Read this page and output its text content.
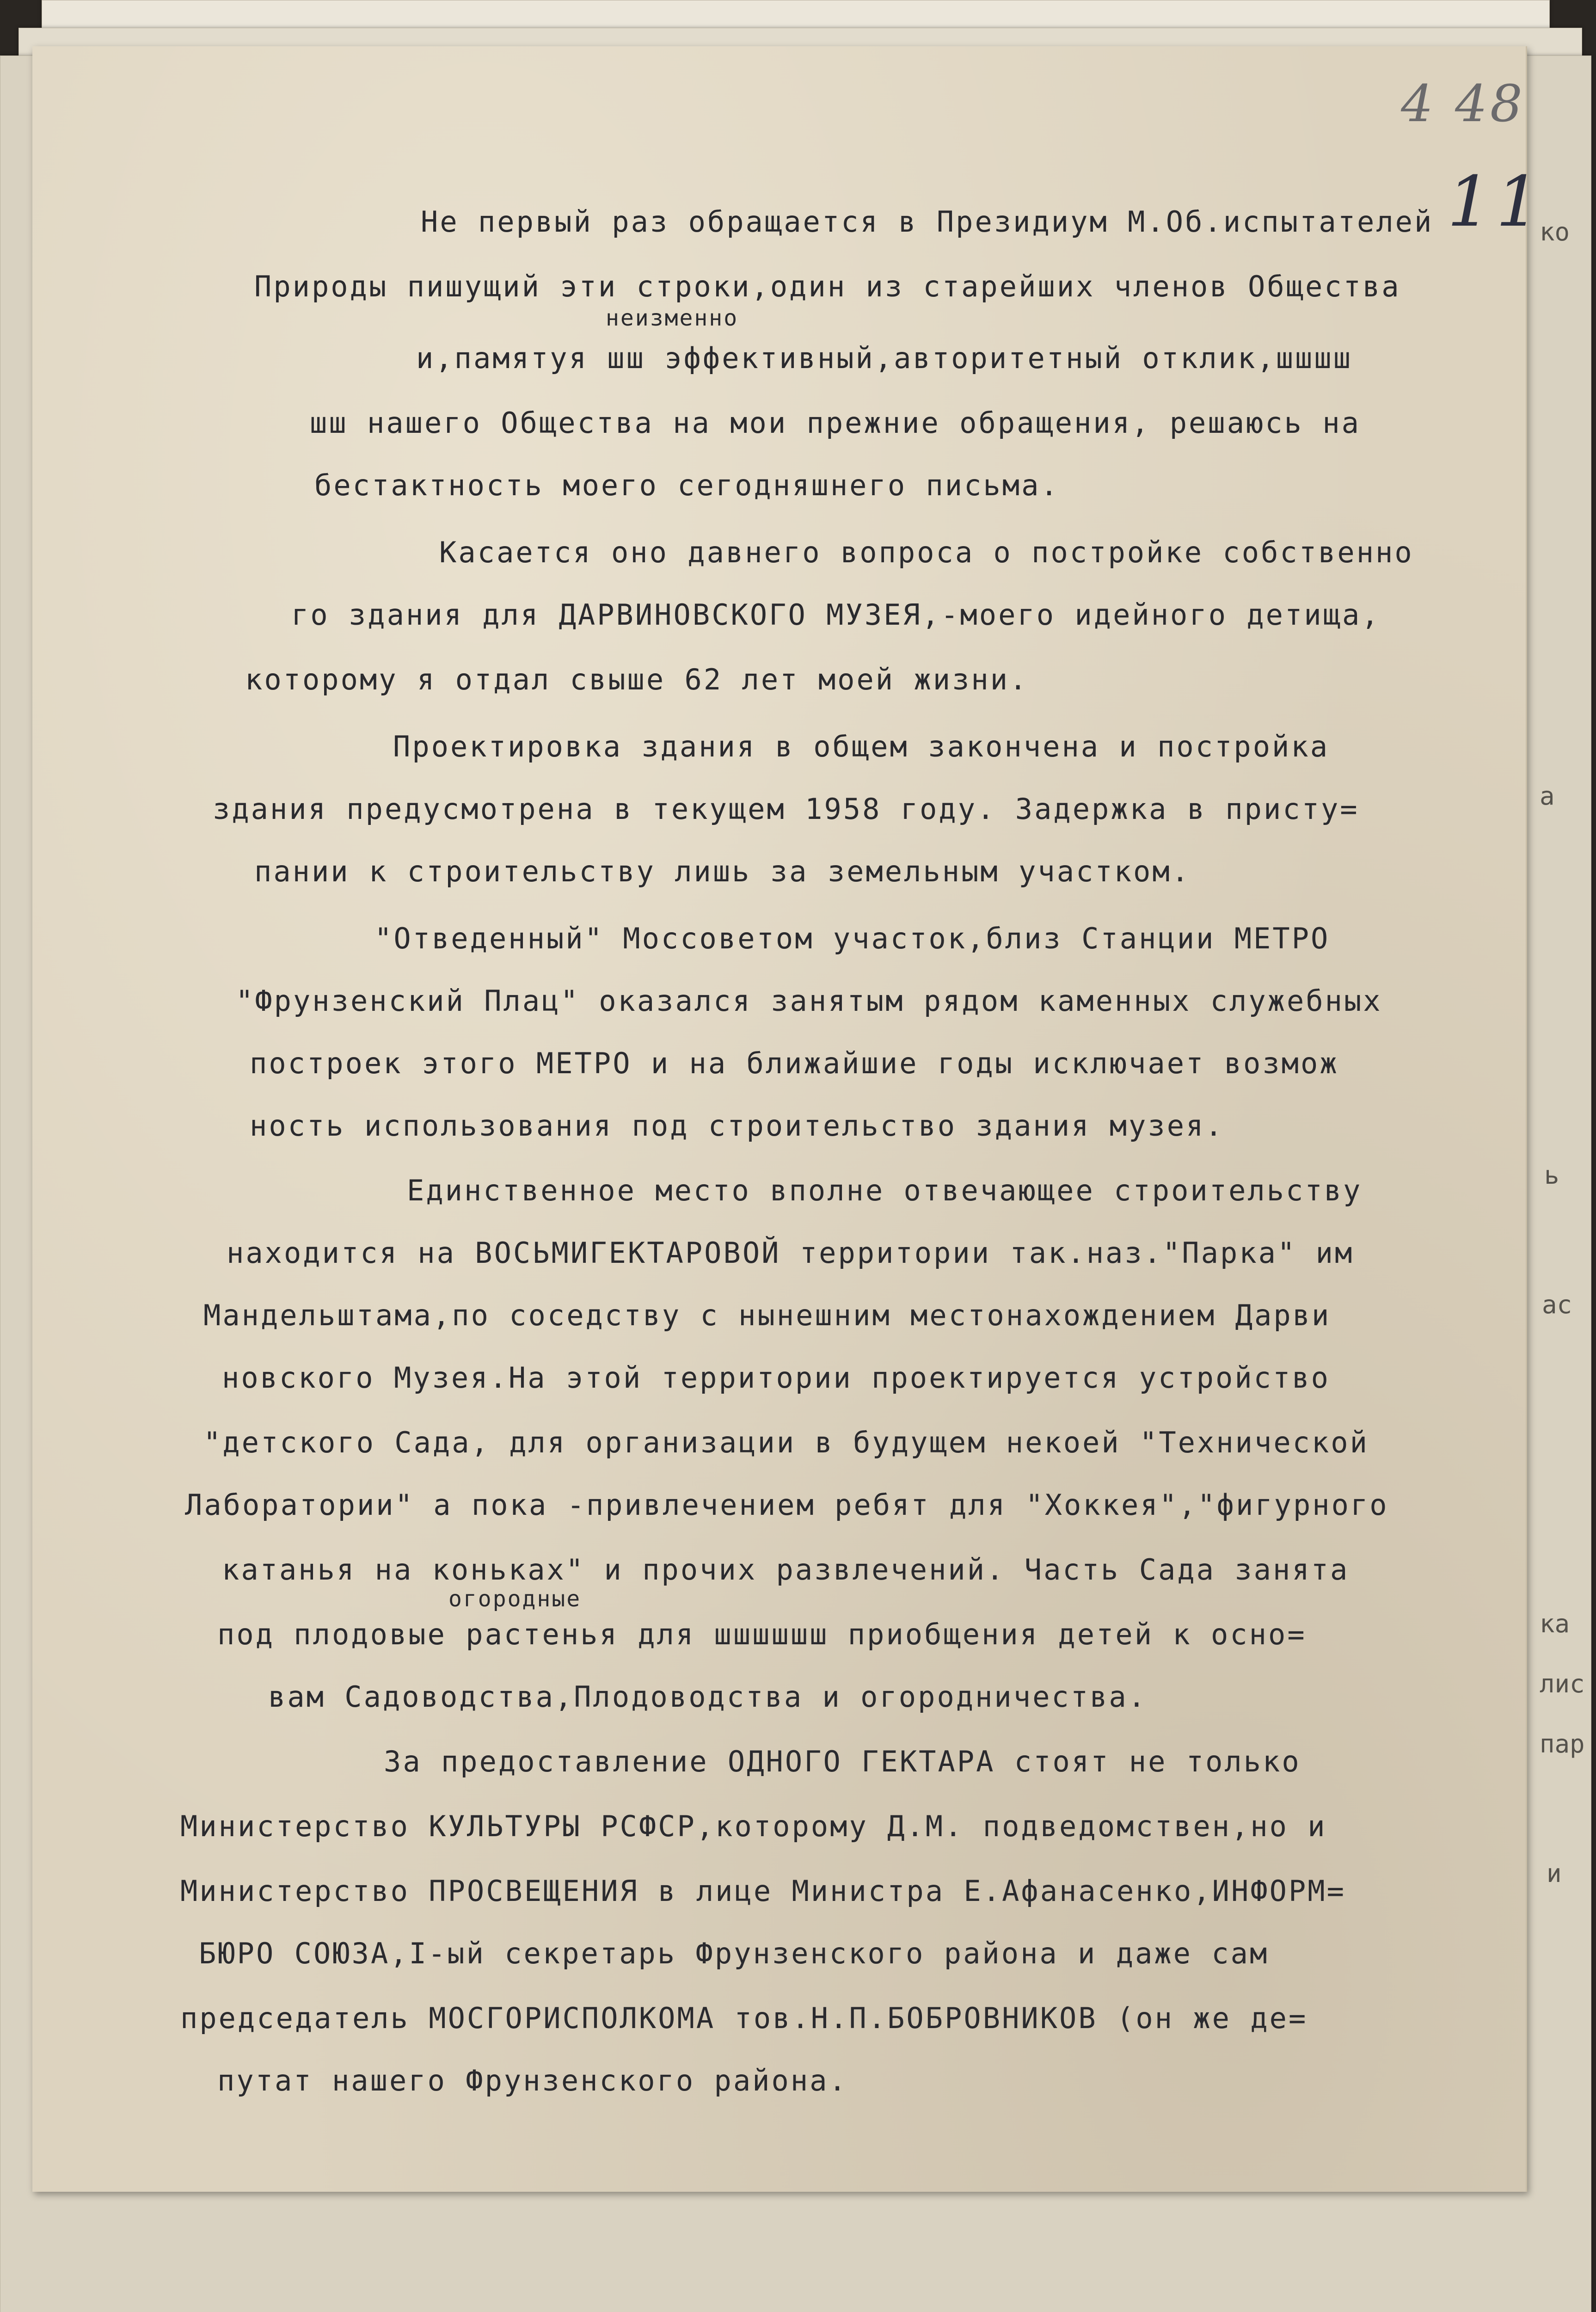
ко
а
ь
ас
ка
лис
пар
и
4 48
11
неизменно
огородные
Не первый раз обращается в Президиум М.Об.испытателей
Природы пишущий эти строки,один из старейших членов Общества
и,памятуя шш эффективный,авторитетный отклик,шшшш
шш нашего Общества на мои прежние обращения, решаюсь на
бестактность моего сегодняшнего письма.
Касается оно давнего вопроса о постройке собственно
го здания для ДАРВИНОВСКОГО МУЗЕЯ,-моего идейного детища,
которому я отдал свыше 62 лет моей жизни.
Проектировка здания в общем закончена и постройка
здания предусмотрена в текущем 1958 году. Задержка в присту=
пании к строительству лишь за земельным участком.
"Отведенный" Мосcоветом участок,близ Станции МЕТРО
"Фрунзенский Плац" оказался занятым рядом каменных служебных
построек этого МЕТРО и на ближайшие годы исключает возмож
ность использования под строительство здания музея.
Единственное место вполне отвечающее строительству
находится на ВОСЬМИГЕКТАРОВОЙ территории так.наз."Парка" им
Мандельштама,по соседству с нынешним местонахождением Дарви
новского Музея.На этой территории проектируется устройство
"детского Сада, для организации в будущем некоей "Технической
Лаборатории" а пока -привлечением ребят для "Хоккея","фигурного
катанья на коньках" и прочих развлечений. Часть Сада занята
под плодовые растенья для шшшшшш приобщения детей к осно=
вам Садоводства,Плодоводства и огородничества.
За предоставление ОДНОГО ГЕКТАРА стоят не только
Министерство КУЛЬТУРЫ РСФСР,которому Д.М. подведомствен,но и
Министерство ПРОСВЕЩЕНИЯ в лице Министра Е.Афанасенко,ИНФОРМ=
БЮРО СОЮЗА,I-ый секретарь Фрунзенского района и даже сам
председатель МОСГОРИСПОЛКОМА тов.Н.П.БОБРОВНИКОВ (он же де=
путат нашего Фрунзенского района.
